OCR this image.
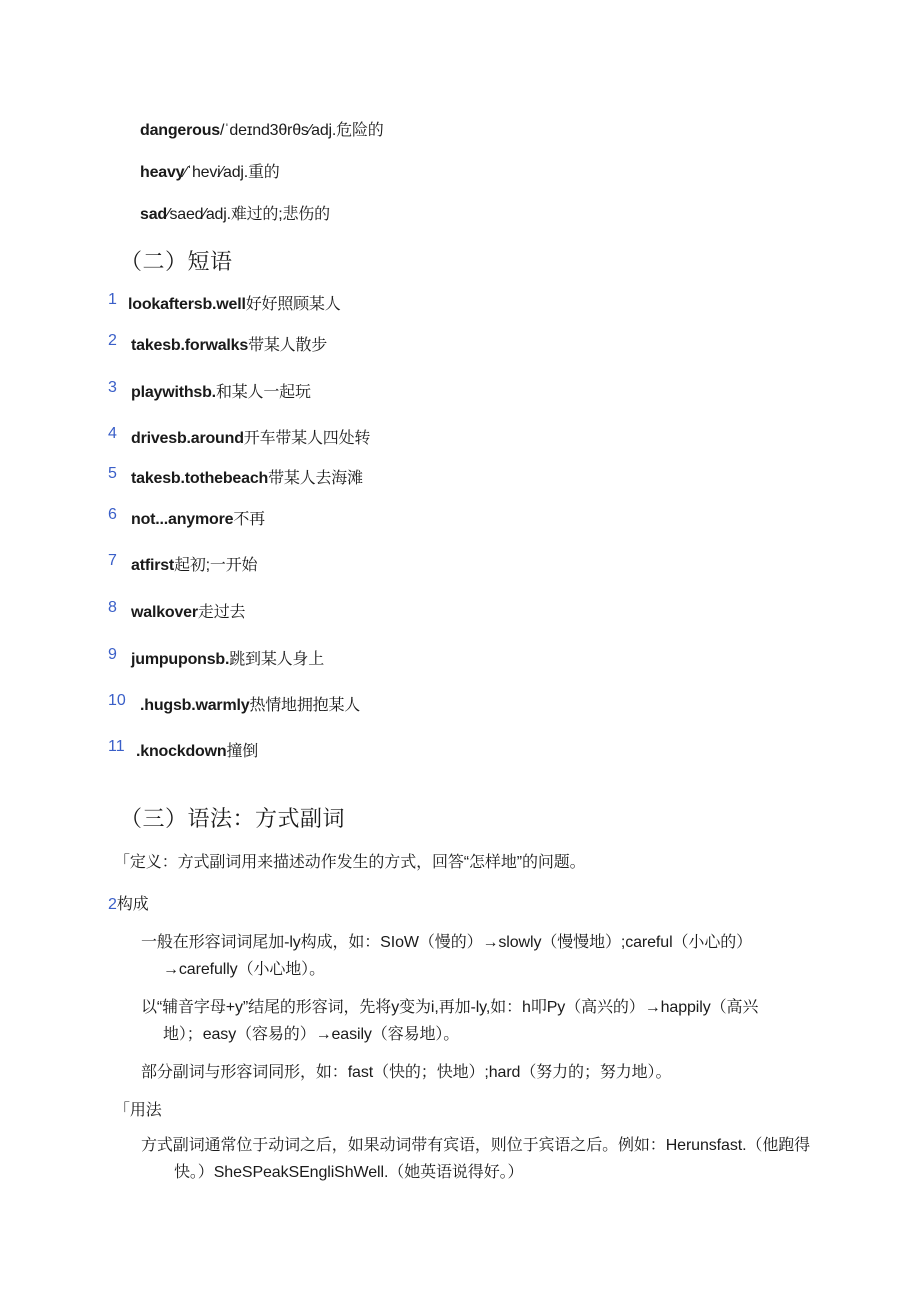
dangerous/ˈdeɪnd3θrθs⁄adj.危险的
heavy⁄ˈhevi⁄adj.重的
sad⁄saed⁄adj.难过的;悲伤的
（二）短语
1 lookaftersb.well好好照顾某人
2 takesb.forwalks带某人散步
3 playwithsb.和某人一起玩
4 drivesb.around开车带某人四处转
5 takesb.tothebeach带某人去海滩
6 not...anymore不再
7 atfirst起初;一开始
8 walkover走过去
9 jumpuponsb.跳到某人身上
10 .hugsb.warmly热情地拥抱某人
11 .knockdown撞倒
（三）语法：方式副词
「定义：方式副词用来描述动作发生的方式，回答“怎样地”的问题。
2构成
一般在形容词词尾加-ly构成，如：SIoW（慢的）→slowly（慢慢地）;careful（小心的）
→carefully（小心地）。
以“辅音字母+y”结尾的形容词，先将y变为i,再加-ly,如：h叩Py（高兴的）→happily（高兴
地）；easy（容易的）→easily（容易地）。
部分副词与形容词同形，如：fast（快的；快地）;hard（努力的；努力地）。
「用法
方式副词通常位于动词之后，如果动词带有宾语，则位于宾语之后。例如：Herunsfast.（他跑得
快。）SheSPeakSEngliShWell.（她英语说得好。）
